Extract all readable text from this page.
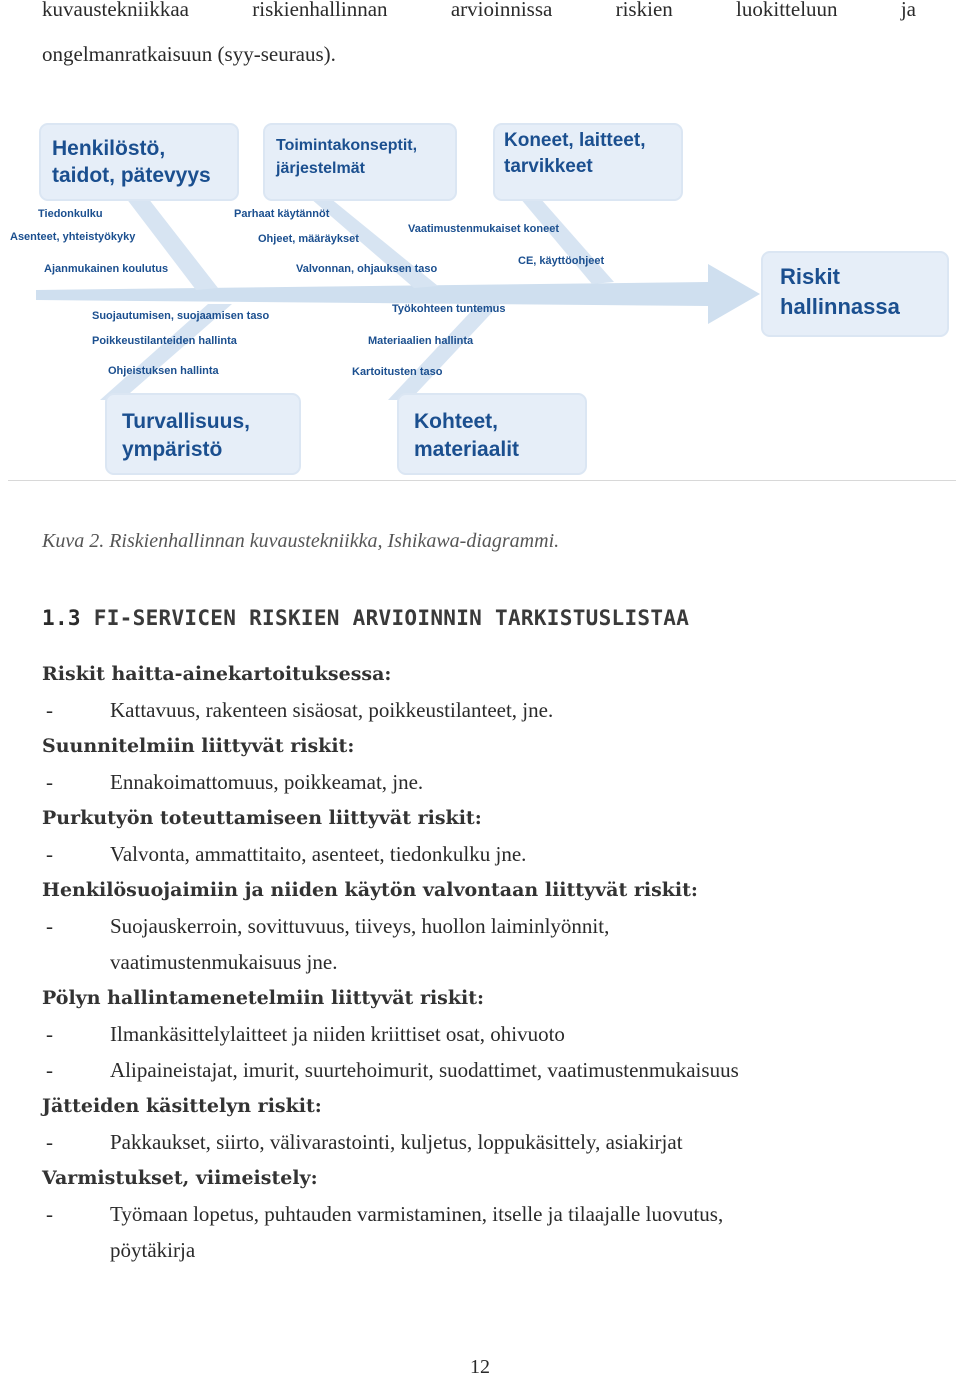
kuvaustekniikkaa	riskienhallinnan	arvioinnissa	riskien	luokitteluun	ja
ongelmanratkaisuun (syy-seuraus).
Henkilöstö, taidot, pätevyys
Toimintakonseptit, järjestelmät
Koneet, laitteet, tarvikkeet
Riskit hallinnassa
Turvallisuus, ympäristö
Kohteet, materiaalit
Tiedonkulku
Asenteet, yhteistyökyky
Ajanmukainen koulutus
Parhaat käytännöt
Ohjeet, määräykset
Valvonnan, ohjauksen taso
Vaatimustenmukaiset koneet
CE, käyttöohjeet
Suojautumisen, suojaamisen taso
Poikkeustilanteiden hallinta
Ohjeistuksen hallinta
Työkohteen tuntemus
Materiaalien hallinta
Kartoitusten taso
Kuva 2. Riskienhallinnan kuvaustekniikka, Ishikawa-diagrammi.
1.3 FI-SERVICEN RISKIEN ARVIOINNIN TARKISTUSLISTAA
Riskit haitta-ainekartoituksessa:
-	Kattavuus, rakenteen sisäosat, poikkeustilanteet, jne.
Suunnitelmiin liittyvät riskit:
-	Ennakoimattomuus, poikkeamat, jne.
Purkutyön toteuttamiseen liittyvät riskit:
-	Valvonta, ammattitaito, asenteet, tiedonkulku jne.
Henkilösuojaimiin ja niiden käytön valvontaan liittyvät riskit:
-	Suojauskerroin, sovittuvuus, tiiveys, huollon laiminlyönnit,
vaatimustenmukaisuus jne.
Pölyn hallintamenetelmiin liittyvät riskit:
-	Ilmankäsittelylaitteet ja niiden kriittiset osat, ohivuoto
-	Alipaineistajat, imurit, suurtehoimurit, suodattimet, vaatimustenmukaisuus
Jätteiden käsittelyn riskit:
-	Pakkaukset, siirto, välivarastointi, kuljetus, loppukäsittely, asiakirjat
Varmistukset, viimeistely:
-	Työmaan lopetus, puhtauden varmistaminen, itselle ja tilaajalle luovutus,
pöytäkirja
12
